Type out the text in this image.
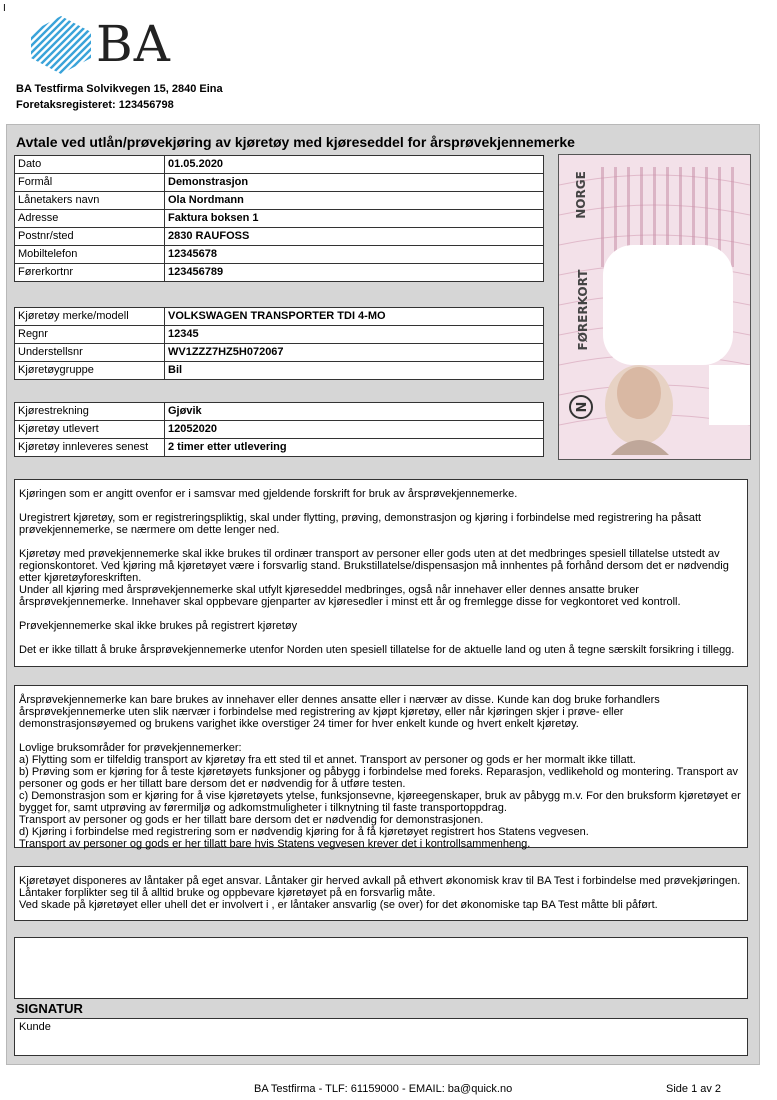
I
BA
BA Testfirma Solvikvegen 15, 2840 Eina
Foretaksregisteret: 123456798
Avtale ved utlån/prøvekjøring av kjøretøy med kjøreseddel for årsprøvekjennemerke
Dato	01.05.2020
Formål	Demonstrasjon
Lånetakers navn	Ola Nordmann
Adresse	Faktura boksen 1
Postnr/sted	2830 RAUFOSS
Mobiltelefon	12345678
Førerkortnr	123456789
Kjøretøy merke/modell	VOLKSWAGEN TRANSPORTER TDI 4-MO
Regnr	12345
Understellsnr	WV1ZZZ7HZ5H072067
Kjøretøygruppe	Bil
Kjørestrekning	Gjøvik
Kjøretøy utlevert	12052020
Kjøretøy innleveres senest	2 timer etter utlevering
NORGE
FØRERKORT
N

Kjøringen som er angitt ovenfor er i samsvar med gjeldende forskrift for bruk av årsprøvekjennemerke.

Uregistrert kjøretøy, som er registreringspliktig, skal under flytting, prøving, demonstrasjon og kjøring i forbindelse med registrering ha påsatt prøvekjennemerke, se nærmere om dette lenger ned.

Kjøretøy med prøvekjennemerke skal ikke brukes til ordinær transport av personer eller gods uten at det medbringes spesiell tillatelse utstedt av regionskontoret. Ved kjøring må kjøretøyet være i forsvarlig stand. Brukstillatelse/dispensasjon må innhentes på forhånd dersom det er nødvendig etter kjøretøyforeskriften.

Under all kjøring med årsprøvekjennemerke skal utfylt kjøreseddel medbringes, også når innehaver eller dennes ansatte bruker årsprøvekjennemerke. Innehaver skal oppbevare gjenparter av kjøresedler i minst ett år og fremlegge disse for vegkontoret ved kontroll.

Prøvekjennemerke skal ikke brukes på registrert kjøretøy

Det er ikke tillatt å bruke årsprøvekjennemerke utenfor Norden uten spesiell tillatelse for de aktuelle land og uten å tegne særskilt forsikring i tillegg.

Årsprøvekjennemerke kan bare brukes av innehaver eller dennes ansatte eller i nærvær av disse. Kunde kan dog bruke forhandlers årsprøvekjennemerke uten slik nærvær i forbindelse med registrering av kjøpt kjøretøy, eller når kjøringen skjer i prøve- eller demonstrasjonsøyemed og brukens varighet ikke overstiger 24 timer for hver enkelt kunde og hvert enkelt kjøretøy.

Lovlige bruksområder for prøvekjennemerker:

a) Flytting som er tilfeldig transport av kjøretøy fra ett sted til et annet. Transport av personer og gods er her mormalt ikke tillatt.

b) Prøving som er kjøring for å teste kjøretøyets funksjoner og påbygg i forbindelse med foreks. Reparasjon, vedlikehold og montering. Transport av personer og gods er her tillatt bare dersom det er nødvendig for å utføre testen.

c) Demonstrasjon som er kjøring for å vise kjøretøyets ytelse, funksjonsevne, kjøreegenskaper, bruk av påbygg m.v. For den bruksform kjøretøyet er bygget for, samt utprøving av førermiljø og adkomstmuligheter i tilknytning til faste transportoppdrag.

Transport av personer og gods er her tillatt bare dersom det er nødvendig for demonstrasjonen.

d) Kjøring i forbindelse med registrering som er nødvendig kjøring for å få kjøretøyet registrert hos Statens vegvesen.

Transport av personer og gods er her tillatt bare hvis Statens vegvesen krever det i kontrollsammenheng.

Kjøretøyet disponeres av låntaker på eget ansvar. Låntaker gir herved avkall på ethvert økonomisk krav til BA Test i forbindelse med prøvekjøringen.

Låntaker forplikter seg til å alltid bruke og oppbevare kjøretøyet på en forsvarlig måte.

Ved skade på kjøretøyet eller uhell det er involvert i , er låntaker ansvarlig (se over) for det økonomiske tap BA Test måtte bli påført.

SIGNATUR
Kunde
BA Testfirma - TLF: 61159000 - EMAIL: ba@quick.no	Side 1 av 2
